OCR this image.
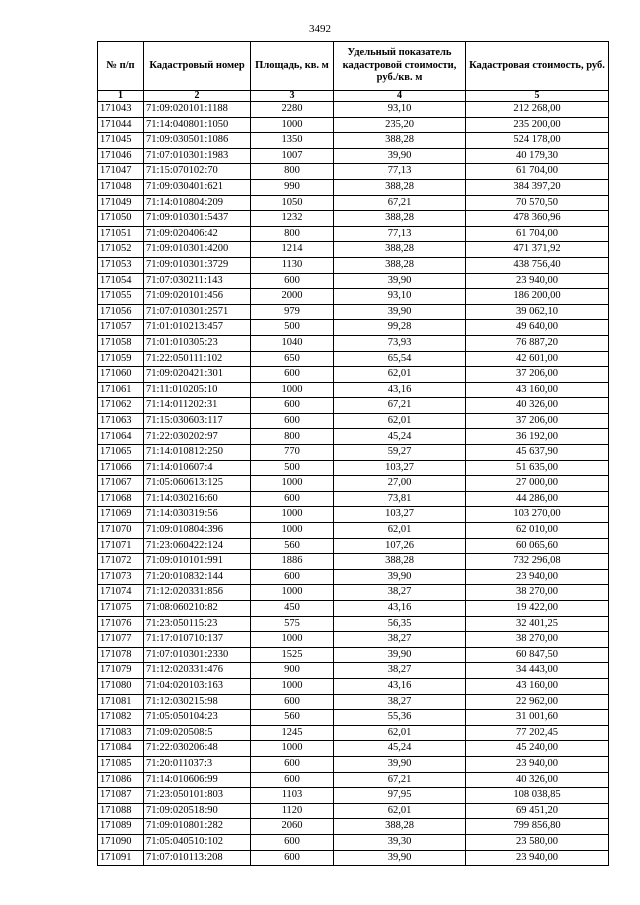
3492
№ п/п	Кадастровый номер	Площадь, кв. м	Удельный показатель кадастровой стоимости, руб./кв. м	Кадастровая стоимость, руб.
1	2	3	4	5
171043	71:09:020101:1188	2280	93,10	212 268,00
171044	71:14:040801:1050	1000	235,20	235 200,00
171045	71:09:030501:1086	1350	388,28	524 178,00
171046	71:07:010301:1983	1007	39,90	40 179,30
171047	71:15:070102:70	800	77,13	61 704,00
171048	71:09:030401:621	990	388,28	384 397,20
171049	71:14:010804:209	1050	67,21	70 570,50
171050	71:09:010301:5437	1232	388,28	478 360,96
171051	71:09:020406:42	800	77,13	61 704,00
171052	71:09:010301:4200	1214	388,28	471 371,92
171053	71:09:010301:3729	1130	388,28	438 756,40
171054	71:07:030211:143	600	39,90	23 940,00
171055	71:09:020101:456	2000	93,10	186 200,00
171056	71:07:010301:2571	979	39,90	39 062,10
171057	71:01:010213:457	500	99,28	49 640,00
171058	71:01:010305:23	1040	73,93	76 887,20
171059	71:22:050111:102	650	65,54	42 601,00
171060	71:09:020421:301	600	62,01	37 206,00
171061	71:11:010205:10	1000	43,16	43 160,00
171062	71:14:011202:31	600	67,21	40 326,00
171063	71:15:030603:117	600	62,01	37 206,00
171064	71:22:030202:97	800	45,24	36 192,00
171065	71:14:010812:250	770	59,27	45 637,90
171066	71:14:010607:4	500	103,27	51 635,00
171067	71:05:060613:125	1000	27,00	27 000,00
171068	71:14:030216:60	600	73,81	44 286,00
171069	71:14:030319:56	1000	103,27	103 270,00
171070	71:09:010804:396	1000	62,01	62 010,00
171071	71:23:060422:124	560	107,26	60 065,60
171072	71:09:010101:991	1886	388,28	732 296,08
171073	71:20:010832:144	600	39,90	23 940,00
171074	71:12:020331:856	1000	38,27	38 270,00
171075	71:08:060210:82	450	43,16	19 422,00
171076	71:23:050115:23	575	56,35	32 401,25
171077	71:17:010710:137	1000	38,27	38 270,00
171078	71:07:010301:2330	1525	39,90	60 847,50
171079	71:12:020331:476	900	38,27	34 443,00
171080	71:04:020103:163	1000	43,16	43 160,00
171081	71:12:030215:98	600	38,27	22 962,00
171082	71:05:050104:23	560	55,36	31 001,60
171083	71:09:020508:5	1245	62,01	77 202,45
171084	71:22:030206:48	1000	45,24	45 240,00
171085	71:20:011037:3	600	39,90	23 940,00
171086	71:14:010606:99	600	67,21	40 326,00
171087	71:23:050101:803	1103	97,95	108 038,85
171088	71:09:020518:90	1120	62,01	69 451,20
171089	71:09:010801:282	2060	388,28	799 856,80
171090	71:05:040510:102	600	39,30	23 580,00
171091	71:07:010113:208	600	39,90	23 940,00
